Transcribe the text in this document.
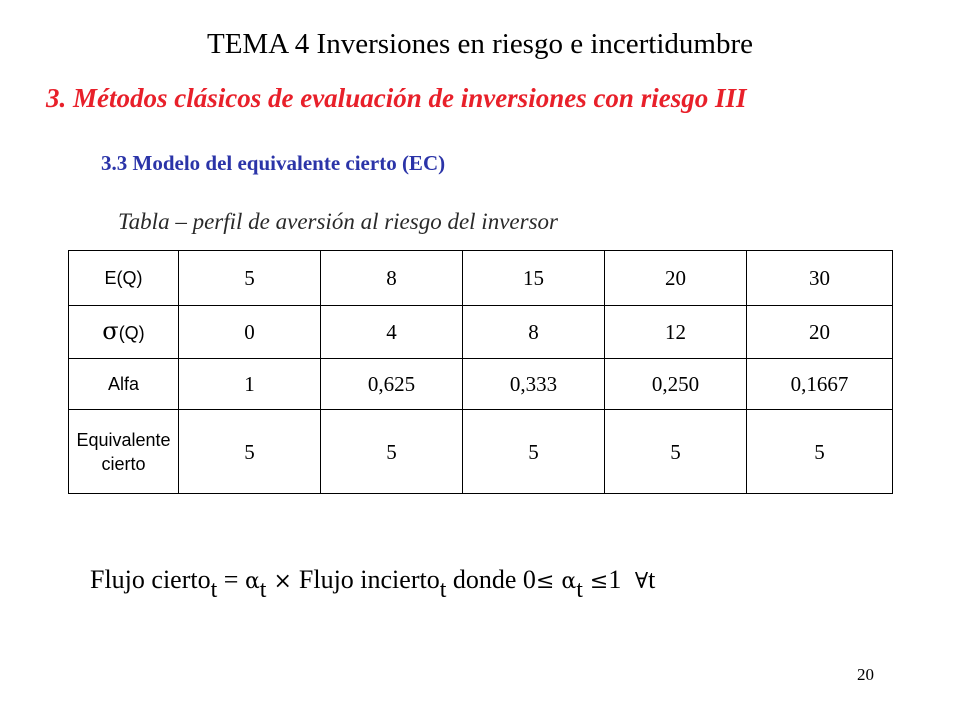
TEMA 4 Inversiones en riesgo e incertidumbre
3. Métodos clásicos de evaluación de inversiones con riesgo III
3.3 Modelo del equivalente cierto (EC)
Tabla – perfil de aversión al riesgo del inversor
E(Q)	5	8	15	20	30
σ(Q)	0	4	8	12	20
Alfa	1	0,625	0,333	0,250	0,1667
Equivalente cierto	5	5	5	5	5
Flujo cierto$_t$ = $\alpha_t$ × Flujo incierto$_t$ donde $0\le \alpha_t \le 1$  ∀t
20
